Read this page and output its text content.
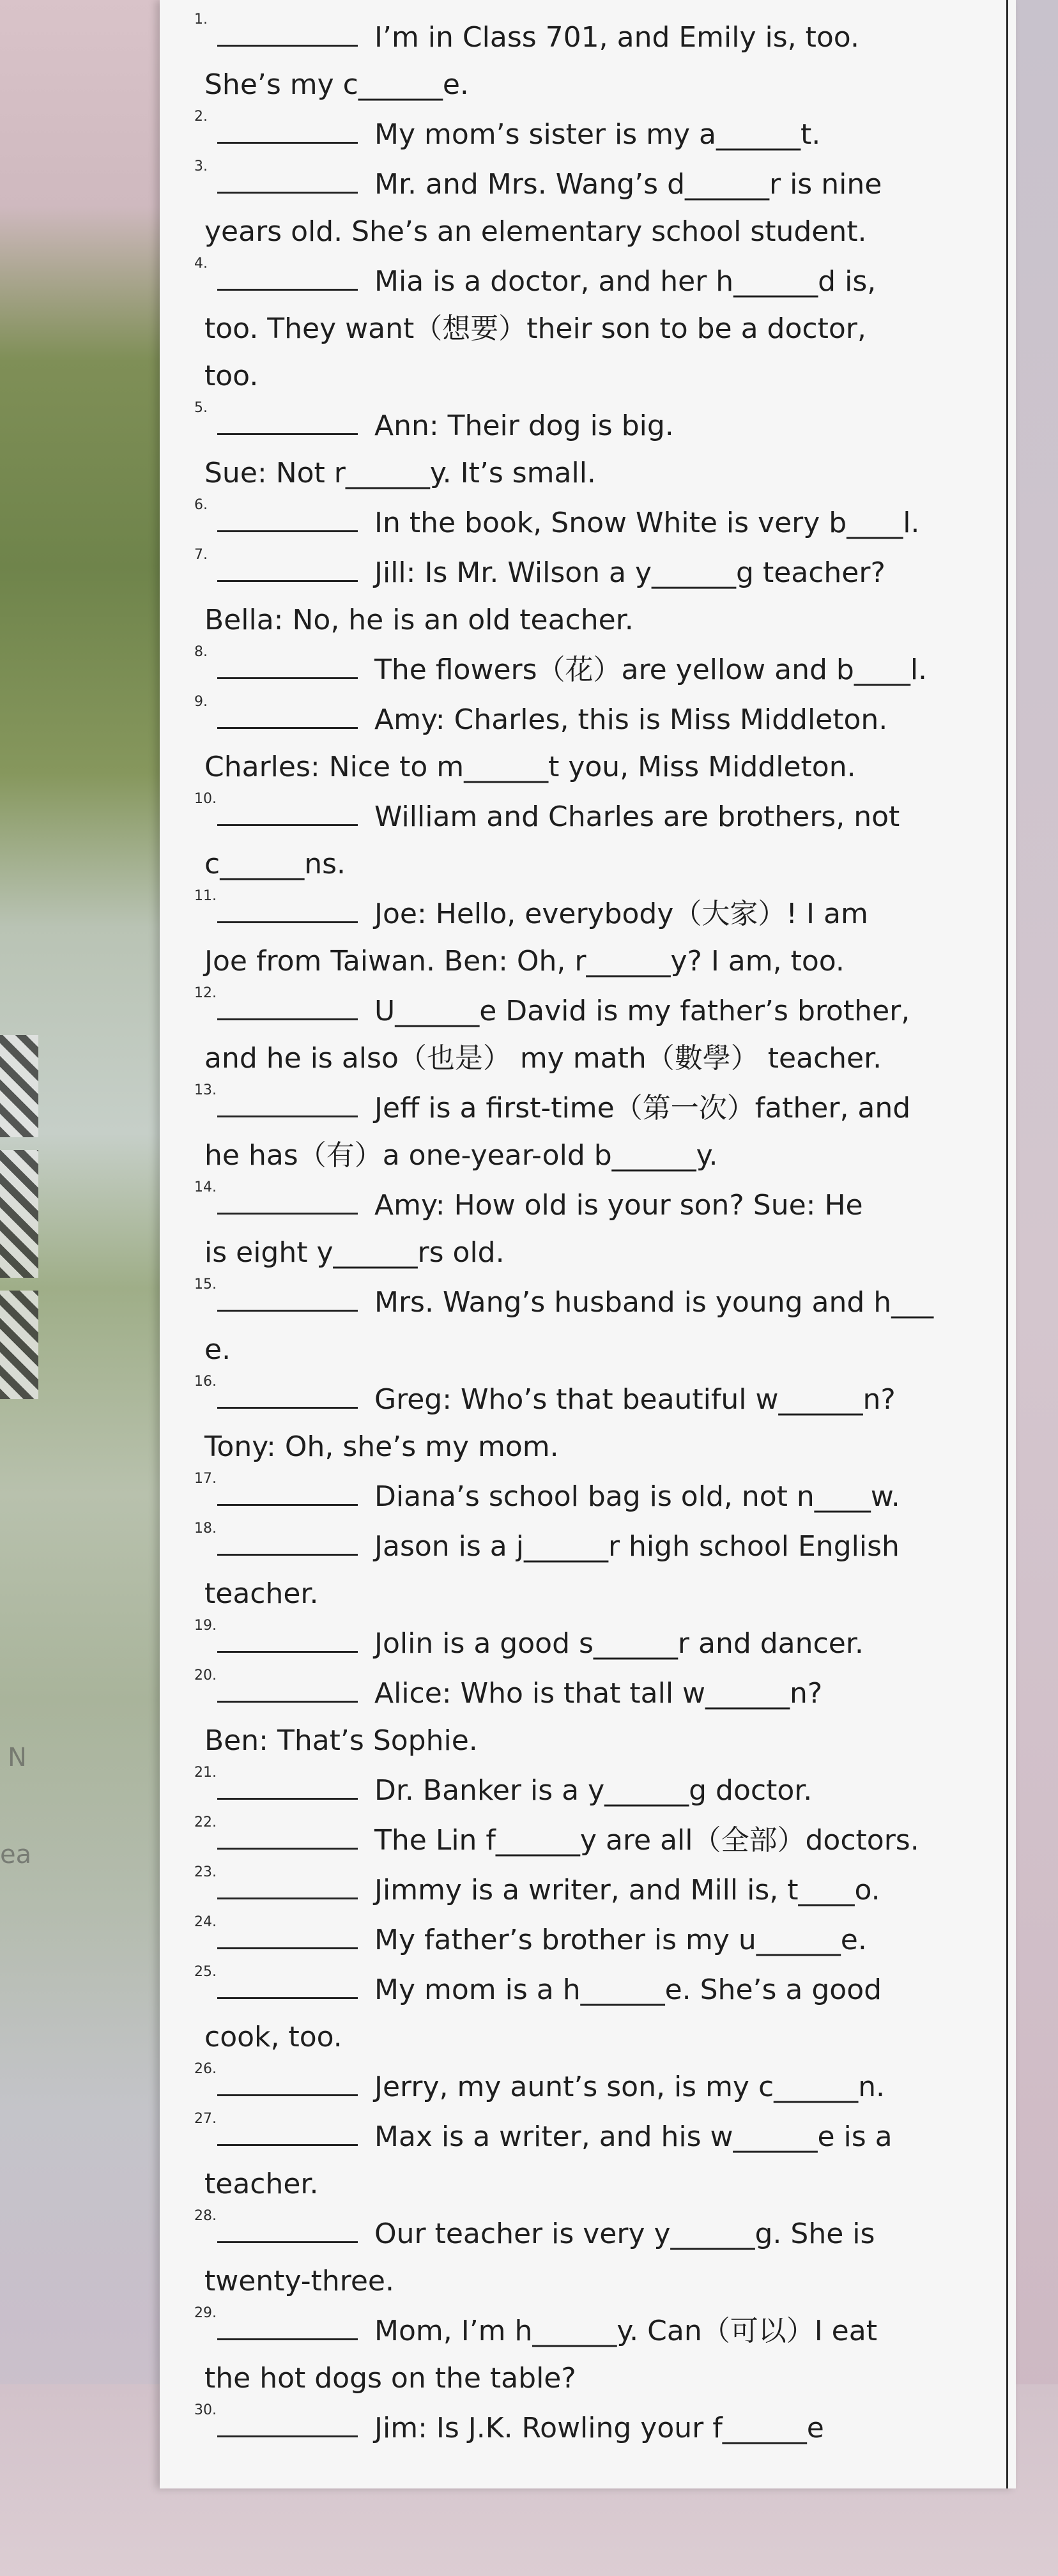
N
ea
1.
I’m in Class 701, and Emily is, too.
She’s my c______e.
2.
My mom’s sister is my a______t.
3.
Mr. and Mrs. Wang’s d______r is nine
years old. She’s an elementary school student.
4.
Mia is a doctor, and her h______d is,
too. They want（想要）their son to be a doctor,
too.
5.
Ann: Their dog is big.
Sue: Not r______y. It’s small.
6.
In the book, Snow White is very b____l.
7.
Jill: Is Mr. Wilson a y______g teacher?
Bella: No, he is an old teacher.
8.
The flowers（花）are yellow and b____l.
9.
Amy: Charles, this is Miss Middleton.
Charles: Nice to m______t you, Miss Middleton.
10.
William and Charles are brothers, not
c______ns.
11.
Joe: Hello, everybody（大家）! I am
Joe from Taiwan. Ben: Oh, r______y? I am, too.
12.
U______e David is my father’s brother,
and he is also（也是） my math（數學） teacher.
13.
Jeff is a first-time（第一次）father, and
he has（有）a one-year-old b______y.
14.
Amy: How old is your son? Sue: He
is eight y______rs old.
15.
Mrs. Wang’s husband is young and h___
e.
16.
Greg: Who’s that beautiful w______n?
Tony: Oh, she’s my mom.
17.
Diana’s school bag is old, not n____w.
18.
Jason is a j______r high school English
teacher.
19.
Jolin is a good s______r and dancer.
20.
Alice: Who is that tall w______n?
Ben: That’s Sophie.
21.
Dr. Banker is a y______g doctor.
22.
The Lin f______y are all（全部）doctors.
23.
Jimmy is a writer, and Mill is, t____o.
24.
My father’s brother is my u______e.
25.
My mom is a h______e. She’s a good
cook, too.
26.
Jerry, my aunt’s son, is my c______n.
27.
Max is a writer, and his w______e is a
teacher.
28.
Our teacher is very y______g. She is
twenty-three.
29.
Mom, I’m h______y. Can（可以）I eat
the hot dogs on the table?
30.
Jim: Is J.K. Rowling your f______e
